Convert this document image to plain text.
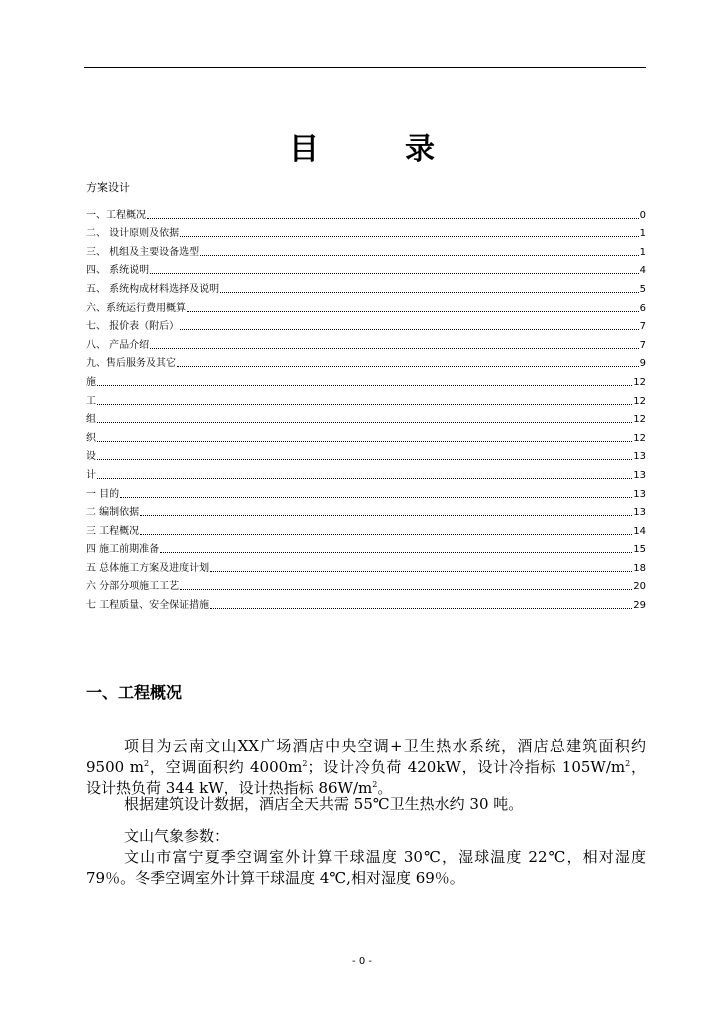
目	录
方案设计
一、工程概况	0
二、 设计原则及依据	1
三、 机组及主要设备选型	1
四、 系统说明	4
五、 系统构成材料选择及说明	5
六、系统运行费用概算	6
七、 报价表（附后）	7
八、 产品介绍	7
九、售后服务及其它	9
施	12
工	12
组	12
织	12
设	13
计	13
一 目的	13
二 编制依据	13
三 工程概况	14
四 施工前期准备	15
五 总体施工方案及进度计划	18
六 分部分项施工工艺	20
七 工程质量、安全保证措施	29
一、工程概况
项目为云南文山XX广场酒店中央空调+卫生热水系统，酒店总建筑面积约 9500 $m^2$，空调面积约 $4000m^2$；设计冷负荷 420kW，设计冷指标 $105W/m^2$， 设计热负荷 344 kW，设计热指标 $86W/m^2$。
根据建筑设计数据，酒店全天共需 55℃卫生热水约 30 吨。
文山气象参数：
文山市富宁夏季空调室外计算干球温度 30℃，湿球温度 22℃，相对湿度 79％。冬季空调室外计算干球温度 4℃,相对湿度 69％。
- 0 -
